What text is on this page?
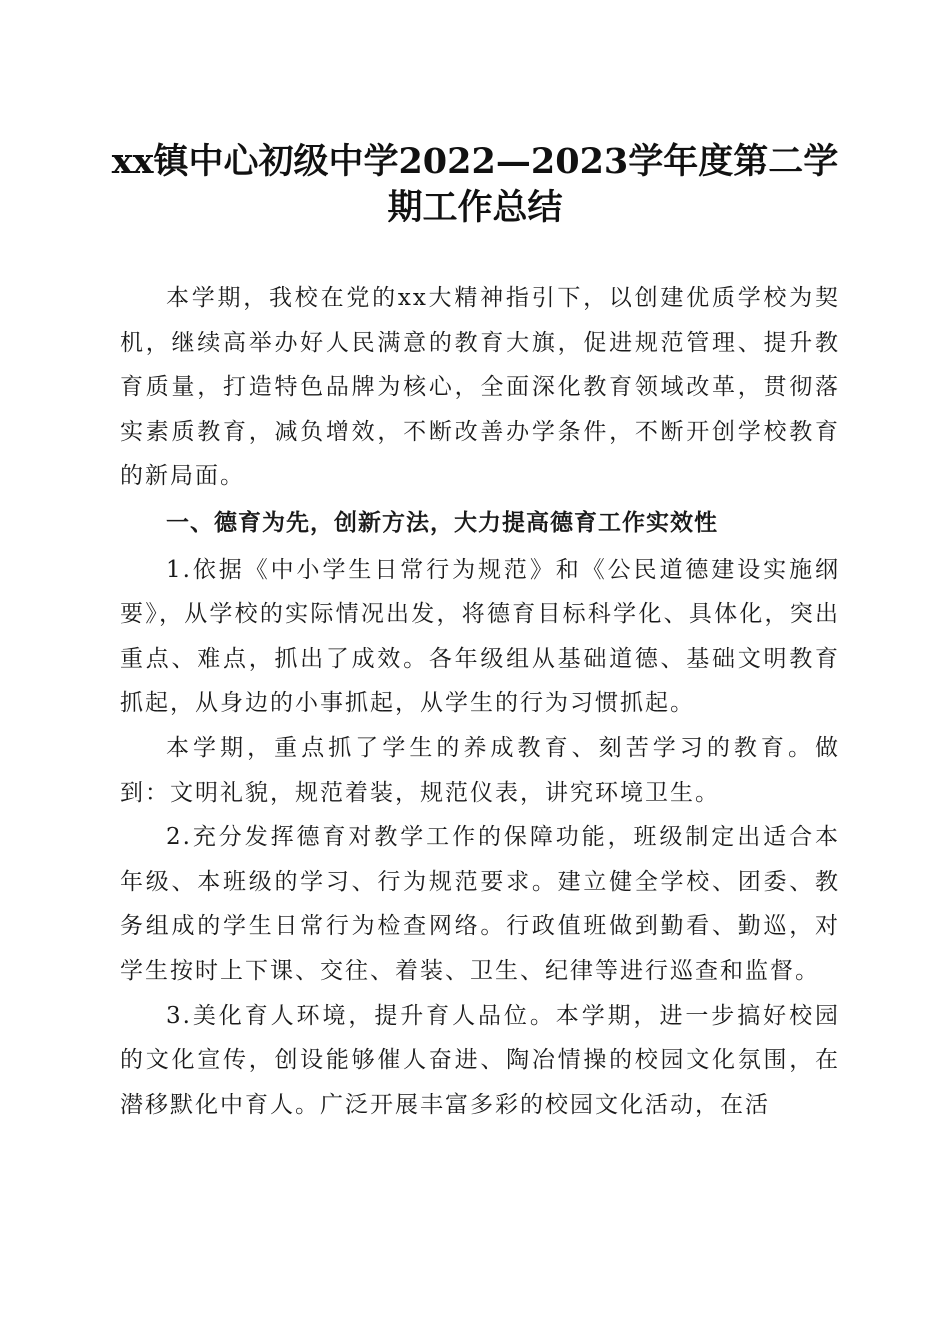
xx镇中心初级中学2022—2023学年度第二学
期工作总结

本学期，我校在党的xx大精神指引下，以创建优质学校为契机，继续高举办好人民满意的教育大旗，促进规范管理、提升教育质量，打造特色品牌为核心，全面深化教育领域改革，贯彻落实素质教育，减负增效，不断改善办学条件，不断开创学校教育的新局面。

一、德育为先，创新方法，大力提高德育工作实效性

1.依据《中小学生日常行为规范》和《公民道德建设实施纲要》，从学校的实际情况出发，将德育目标科学化、具体化，突出重点、难点，抓出了成效。各年级组从基础道德、基础文明教育抓起，从身边的小事抓起，从学生的行为习惯抓起。

本学期，重点抓了学生的养成教育、刻苦学习的教育。做到：文明礼貌，规范着装，规范仪表，讲究环境卫生。

2.充分发挥德育对教学工作的保障功能，班级制定出适合本年级、本班级的学习、行为规范要求。建立健全学校、团委、教务组成的学生日常行为检查网络。行政值班做到勤看、勤巡，对学生按时上下课、交往、着装、卫生、纪律等进行巡查和监督。

3.美化育人环境，提升育人品位。本学期，进一步搞好校园的文化宣传，创设能够催人奋进、陶冶情操的校园文化氛围，在潜移默化中育人。广泛开展丰富多彩的校园文化活动，在活
